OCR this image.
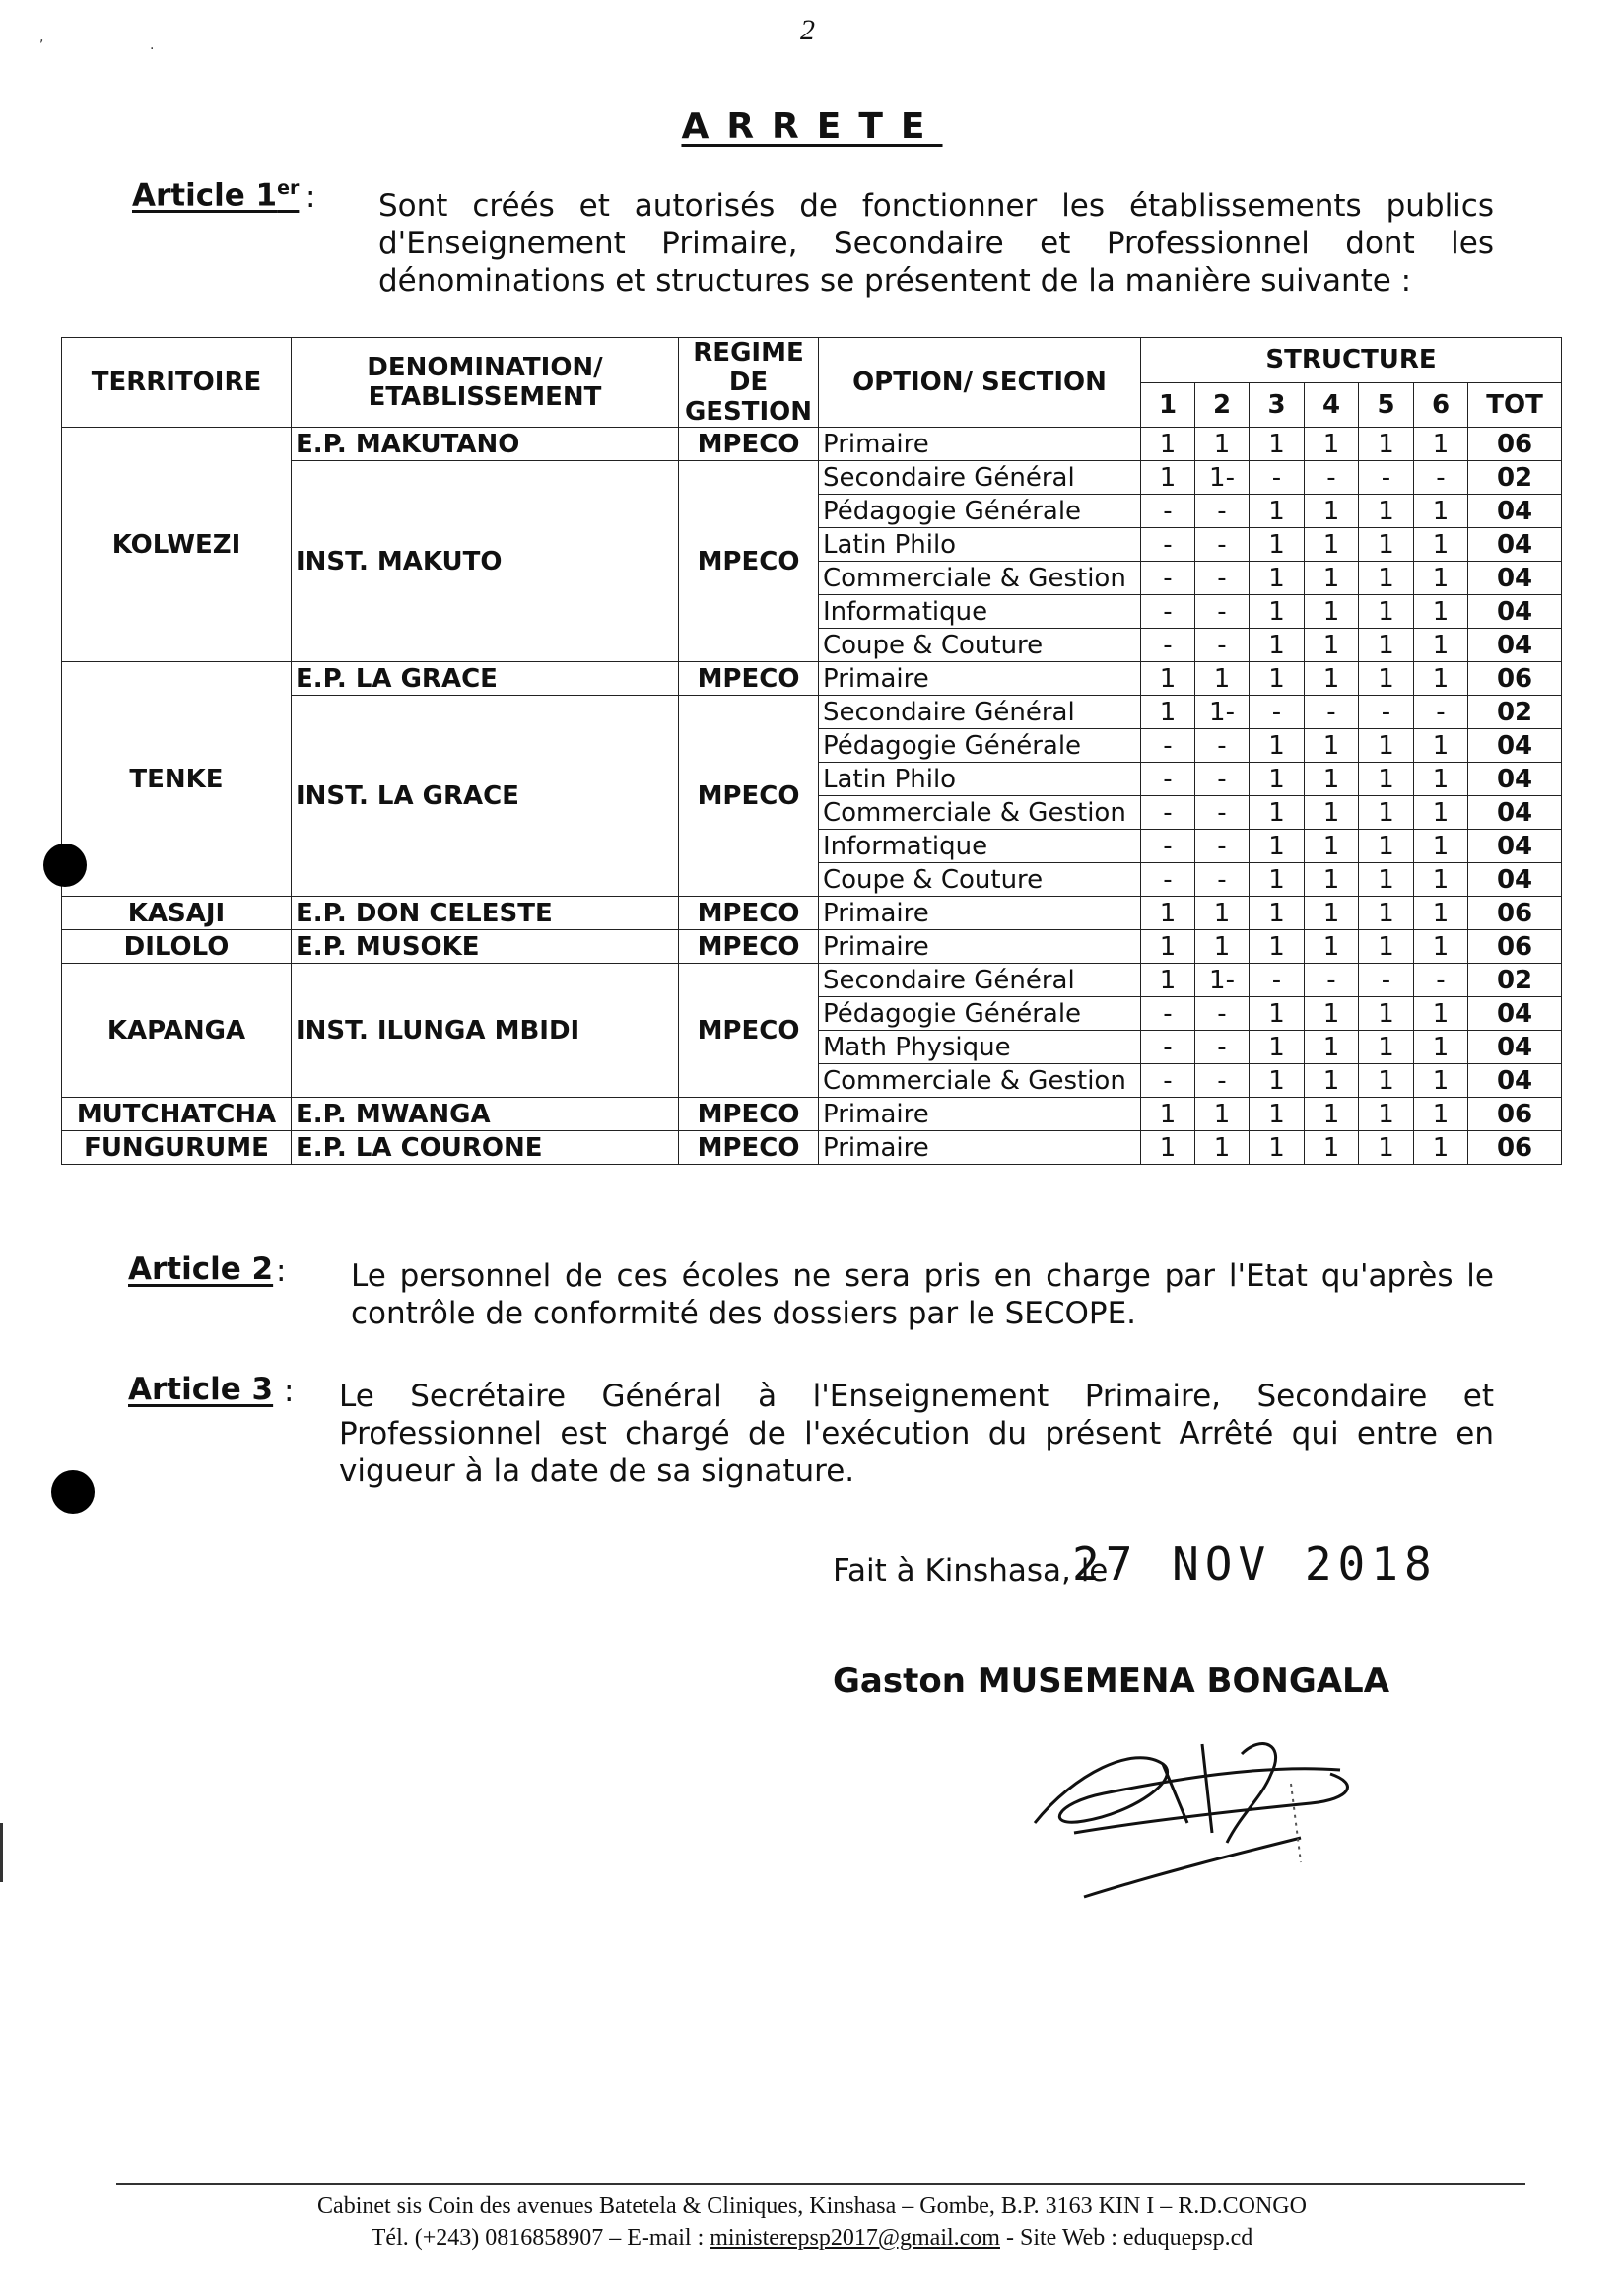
2
,
·
ARRETE
Article 1er : Sont créés et autorisés de fonctionner les établissements publics d'Enseignement Primaire, Secondaire et Professionnel dont les dénominations et structures se présentent de la manière suivante :
TERRITOIRE	DENOMINATION/ ETABLISSEMENT	REGIME DE GESTION	OPTION/ SECTION	STRUCTURE						
				1	2	3	4	5	6	TOT
KOLWEZI	E.P. MAKUTANO	MPECO	Primaire	1	1	1	1	1	1	06
	INST. MAKUTO	MPECO	Secondaire Général	1	1-	-	-	-	-	02
			Pédagogie Générale	-	-	1	1	1	1	04
			Latin Philo	-	-	1	1	1	1	04
			Commerciale & Gestion	-	-	1	1	1	1	04
			Informatique	-	-	1	1	1	1	04
			Coupe & Couture	-	-	1	1	1	1	04
TENKE	E.P. LA GRACE	MPECO	Primaire	1	1	1	1	1	1	06
	INST. LA GRACE	MPECO	Secondaire Général	1	1-	-	-	-	-	02
			Pédagogie Générale	-	-	1	1	1	1	04
			Latin Philo	-	-	1	1	1	1	04
			Commerciale & Gestion	-	-	1	1	1	1	04
			Informatique	-	-	1	1	1	1	04
			Coupe & Couture	-	-	1	1	1	1	04
KASAJI	E.P. DON CELESTE	MPECO	Primaire	1	1	1	1	1	1	06
DILOLO	E.P. MUSOKE	MPECO	Primaire	1	1	1	1	1	1	06
KAPANGA	INST. ILUNGA MBIDI	MPECO	Secondaire Général	1	1-	-	-	-	-	02
			Pédagogie Générale	-	-	1	1	1	1	04
			Math Physique	-	-	1	1	1	1	04
			Commerciale & Gestion	-	-	1	1	1	1	04
MUTCHATCHA	E.P. MWANGA	MPECO	Primaire	1	1	1	1	1	1	06
FUNGURUME	E.P. LA COURONE	MPECO	Primaire	1	1	1	1	1	1	06
Article 2 : Le personnel de ces écoles ne sera pris en charge par l'Etat qu'après le contrôle de conformité des dossiers par le SECOPE.
Article 3 : Le Secrétaire Général à l'Enseignement Primaire, Secondaire et Professionnel est chargé de l'exécution du présent Arrêté qui entre en vigueur à la date de sa signature.
Fait à Kinshasa, le
27 NOV 2018
Gaston MUSEMENA BONGALA
Cabinet sis Coin des avenues Batetela & Cliniques, Kinshasa – Gombe, B.P. 3163 KIN I – R.D.CONGO
Tél. (+243) 0816858907 – E-mail : ministerepsp2017@gmail.com - Site Web : eduquepsp.cd
